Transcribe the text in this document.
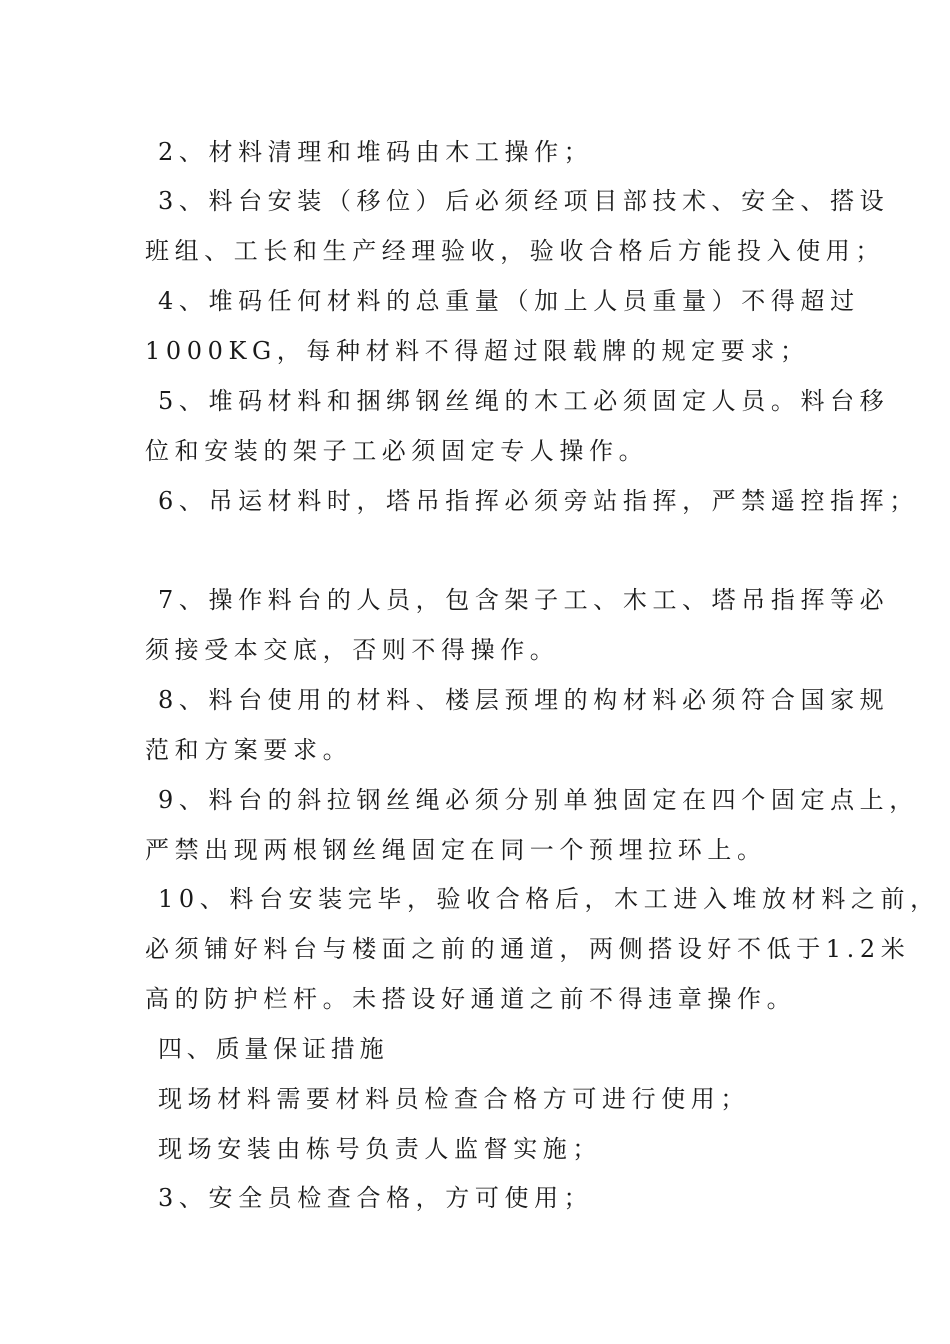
2、材料清理和堆码由木工操作；
3、料台安装（移位）后必须经项目部技术、安全、搭设
班组、工长和生产经理验收，验收合格后方能投入使用；
4、堆码任何材料的总重量（加上人员重量）不得超过
1000KG，每种材料不得超过限载牌的规定要求；
5、堆码材料和捆绑钢丝绳的木工必须固定人员。料台移
位和安装的架子工必须固定专人操作。
6、吊运材料时，塔吊指挥必须旁站指挥，严禁遥控指挥；
7、操作料台的人员，包含架子工、木工、塔吊指挥等必
须接受本交底，否则不得操作。
8、料台使用的材料、楼层预埋的构材料必须符合国家规
范和方案要求。
9、料台的斜拉钢丝绳必须分别单独固定在四个固定点上，
严禁出现两根钢丝绳固定在同一个预埋拉环上。
10、料台安装完毕，验收合格后，木工进入堆放材料之前，
必须铺好料台与楼面之前的通道，两侧搭设好不低于1.2米
高的防护栏杆。未搭设好通道之前不得违章操作。
四、质量保证措施
现场材料需要材料员检查合格方可进行使用；
现场安装由栋号负责人监督实施；
3、安全员检查合格，方可使用；
